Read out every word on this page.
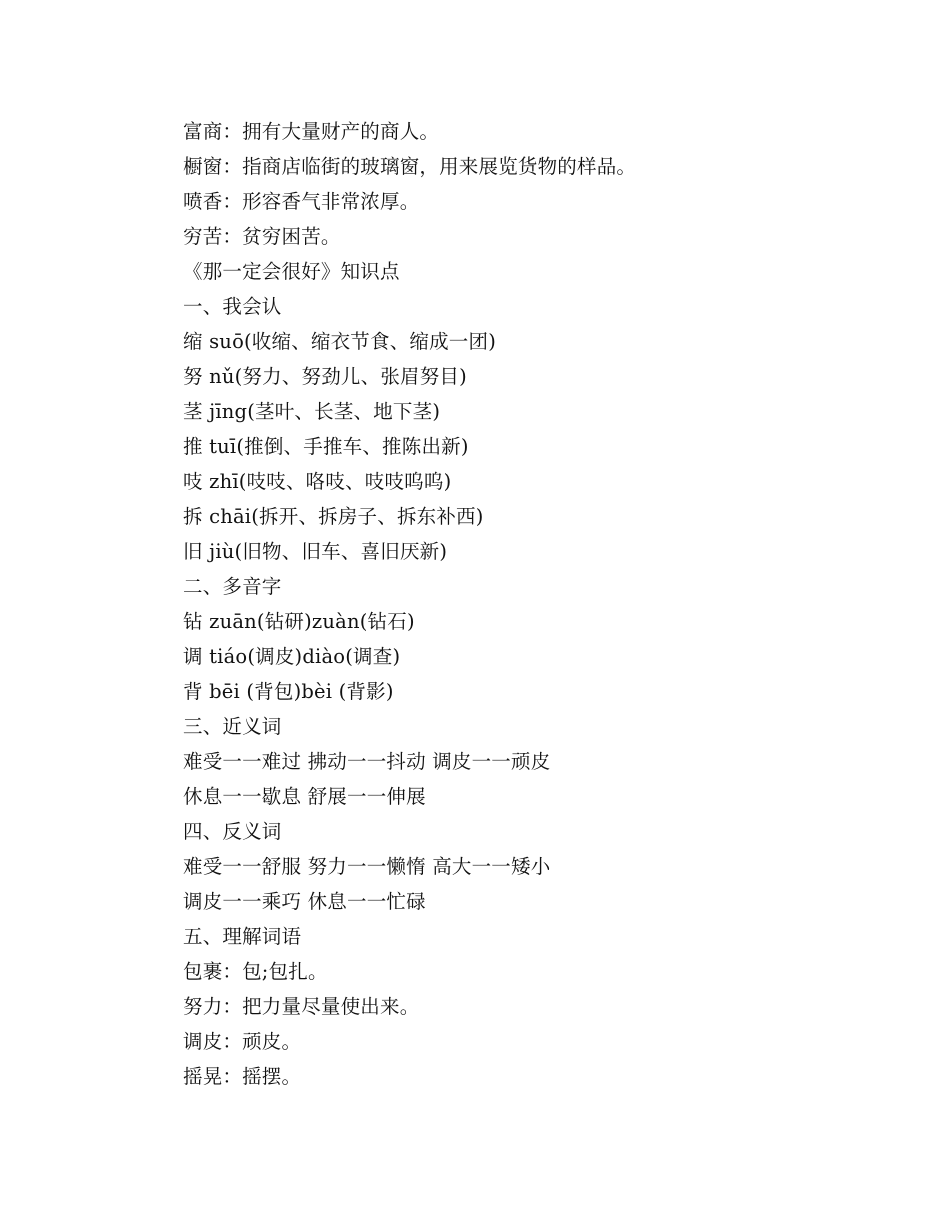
富商：拥有大量财产的商人。
橱窗：指商店临街的玻璃窗，用来展览货物的样品。
喷香：形容香气非常浓厚。
穷苦：贫穷困苦。
《那一定会很好》知识点
一、我会认
缩 suō(收缩、缩衣节食、缩成一团)
努 nǔ(努力、努劲儿、张眉努目)
茎 jīng(茎叶、长茎、地下茎)
推 tuī(推倒、手推车、推陈出新)
吱 zhī(吱吱、咯吱、吱吱呜呜)
拆 chāi(拆开、拆房子、拆东补西)
旧 jiù(旧物、旧车、喜旧厌新)
二、多音字
钻 zuān(钻研)zuàn(钻石)
调 tiáo(调皮)diào(调查)
背 bēi (背包)bèi (背影)
三、近义词
难受一一难过 拂动一一抖动 调皮一一顽皮
休息一一歇息 舒展一一伸展
四、反义词
难受一一舒服 努力一一懒惰 高大一一矮小
调皮一一乘巧 休息一一忙碌
五、理解词语
包裹：包;包扎。
努力：把力量尽量使出来。
调皮：顽皮。
摇晃：摇摆。
